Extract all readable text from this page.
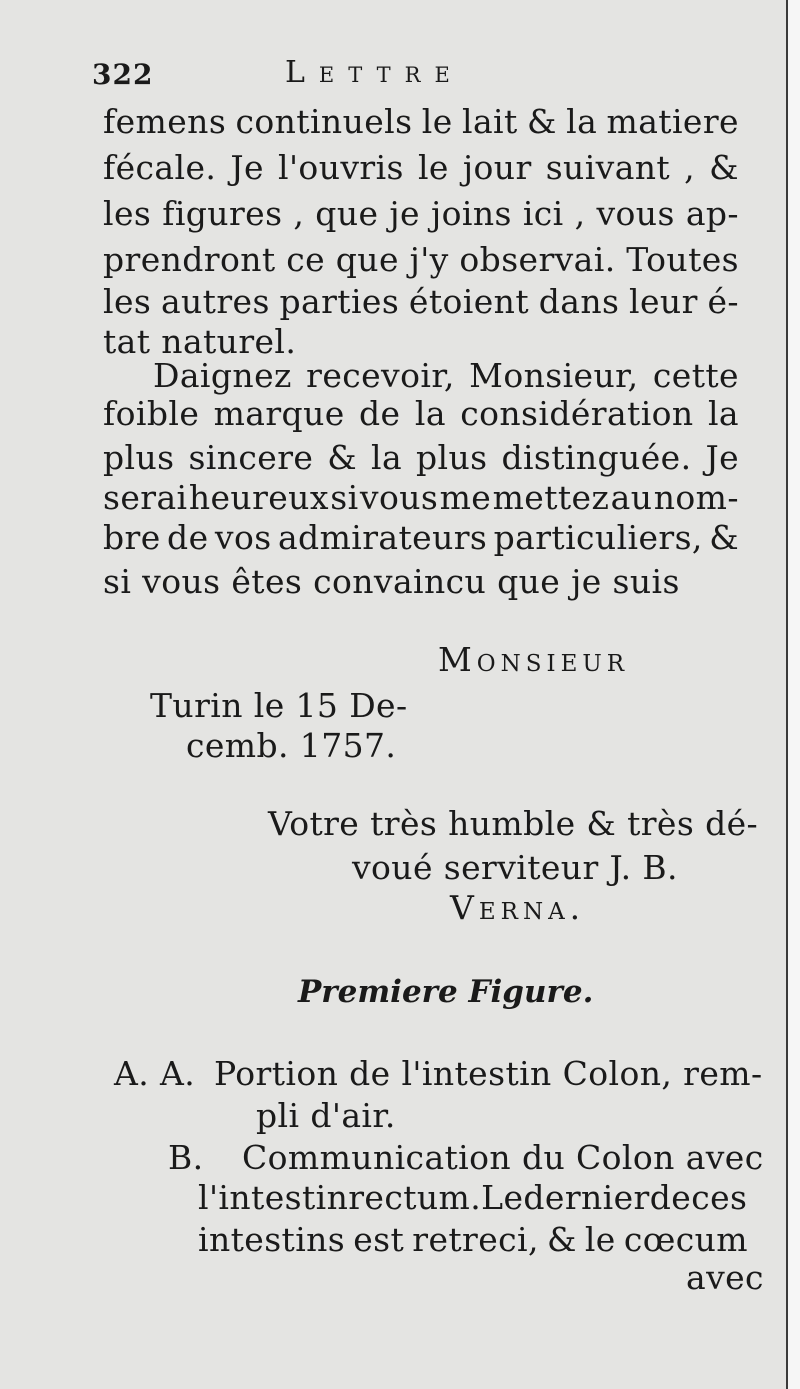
322	Lettre
femens continuels le lait & la matiere
fécale. Je l'ouvris le jour suivant , &
les figures , que je joins ici , vous ap-
prendront ce que j'y observai. Toutes
les autres parties étoient dans leur é-
tat naturel.
Daignez recevoir, Monsieur, cette
foible marque de la considération la
plus sincere & la plus distinguée. Je
serai heureux si vous me mettez au nom-
bre de vos admirateurs particuliers, &
si vous êtes convaincu que je suis
Monsieur
Turin le 15 De-
cemb. 1757.
Votre très humble & très dé-
voué serviteur J. B.
Verna.
Premiere Figure.
A. A. Portion de l'intestin Colon, rem-
pli d'air.
B. Communication du Colon avec
l'intestin rectum. Le dernier de ces
intestins est retreci, & le cœcum
avec
